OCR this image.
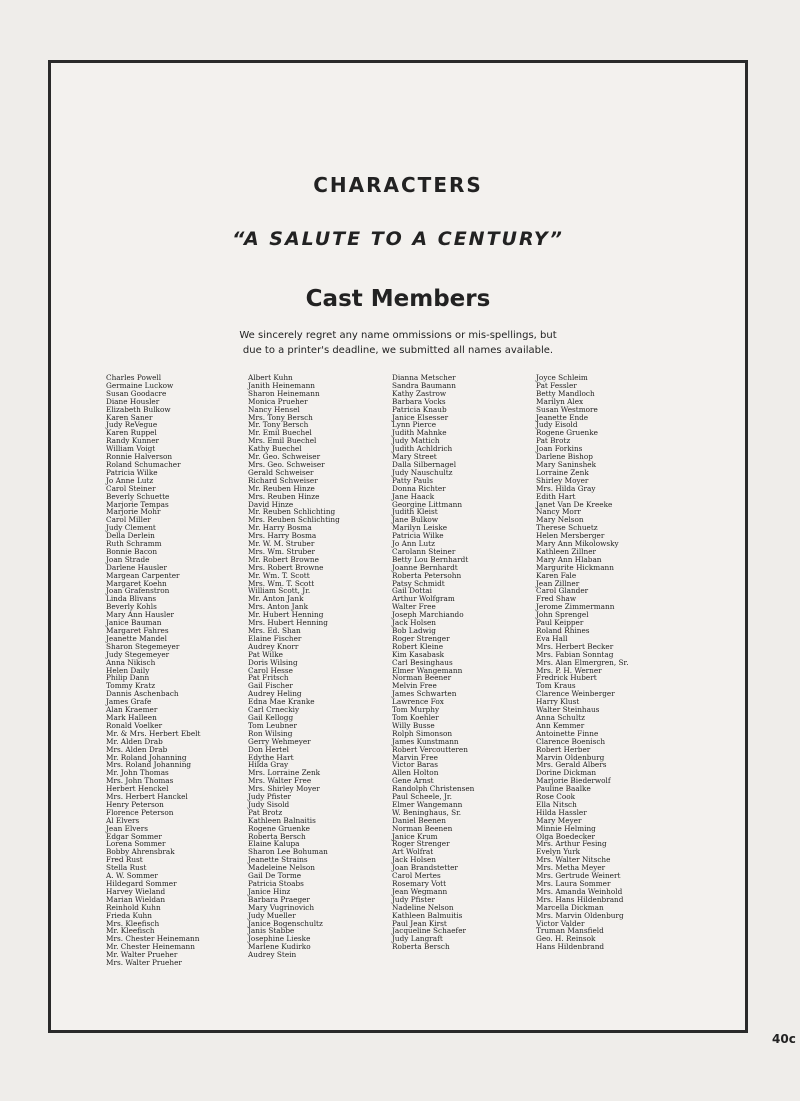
CHARACTERS
“A SALUTE TO A CENTURY”
Cast Members
We sincerely regret any name ommissions or mis-spellings, but
due to a printer's deadline, we submitted all names available.
Charles Powell
Germaine Luckow
Susan Goodacre
Diane Housler
Elizabeth Bulkow
Karen Saner
Judy ReVegue
Karen Ruppel
Randy Kunner
William Voigt
Ronnie Halverson
Roland Schumacher
Patricia Wilke
Jo Anne Lutz
Carol Steiner
Beverly Schuette
Marjorie Tempas
Marjorie Mohr
Carol Miller
Judy Clement
Della Derlein
Ruth Schramm
Bonnie Bacon
Joan Strade
Darlene Hausler
Margean Carpenter
Margaret Koehn
Joan Grafenstron
Linda Blivans
Beverly Kohls
Mary Ann Hausler
Janice Bauman
Margaret Fahres
Jeanette Mandel
Sharon Stegemeyer
Judy Stegemeyer
Anna Nikisch
Helen Daily
Philip Dann
Tommy Kratz
Dannis Aschenbach
James Grafe
Alan Kraemer
Mark Halleen
Ronald Voelker
Mr. & Mrs. Herbert Ebelt
Mr. Alden Drab
Mrs. Alden Drab
Mr. Roland Johanning
Mrs. Roland Johanning
Mr. John Thomas
Mrs. John Thomas
Herbert Henckel
Mrs. Herbert Hanckel
Henry Peterson
Florence Peterson
Al Elvers
Jean Elvers
Edgar Sommer
Lorena Sommer
Bobby Ahrensbrak
Fred Rust
Stella Rust
A. W. Sommer
Hildegard Sommer
Harvey Wieland
Marian Wieldan
Reinhold Kuhn
Frieda Kuhn
Mrs. Kleefisch
Mr. Kleefisch
Mrs. Chester Heinemann
Mr. Chester Heinemann
Mr. Walter Prueher
Mrs. Walter Prueher
Albert Kuhn
Janith Heinemann
Sharon Heinemann
Monica Prueher
Nancy Hensel
Mrs. Tony Bersch
Mr. Tony Bersch
Mr. Emil Buechel
Mrs. Emil Buechel
Kathy Buechel
Mr. Geo. Schweiser
Mrs. Geo. Schweiser
Gerald Schweiser
Richard Schweiser
Mr. Reuben Hinze
Mrs. Reuben Hinze
David Hinze
Mr. Reuben Schlichting
Mrs. Reuben Schlichting
Mr. Harry Bosma
Mrs. Harry Bosma
Mr. W. M. Struber
Mrs. Wm. Struber
Mr. Robert Browne
Mrs. Robert Browne
Mr. Wm. T. Scott
Mrs. Wm. T. Scott
William Scott, Jr.
Mr. Anton Jank
Mrs. Anton Jank
Mr. Hubert Henning
Mrs. Hubert Henning
Mrs. Ed. Shan
Elaine Fischer
Audrey Knorr
Pat Wilke
Doris Wilsing
Carol Hesse
Pat Fritsch
Gail Fischer
Audrey Heling
Edna Mae Kranke
Carl Crneckiy
Gail Kellogg
Tom Leubner
Ron Wilsing
Gerry Wehmeyer
Don Hertel
Edythe Hart
Hilda Gray
Mrs. Lorraine Zenk
Mrs. Walter Free
Mrs. Shirley Moyer
Judy Pfister
Judy Sisold
Pat Brotz
Kathleen Balnaitis
Rogene Gruenke
Roberta Bersch
Elaine Kalupa
Sharon Lee Bohuman
Jeanette Strains
Madeleine Nelson
Gail De Torme
Patricia Stoabs
Janice Hinz
Barbara Praeger
Mary Vugrinovich
Judy Mueller
Janice Bogenschultz
Janis Stabbe
Josephine Lieske
Marlene Kudirko
Audrey Stein
Dianna Metscher
Sandra Baumann
Kathy Zastrow
Barbara Vocks
Patricia Knaub
Janice Elsesser
Lynn Pierce
Judith Mahnke
Judy Mattich
Judith Achldrich
Mary Street
Dalla Silbernagel
Judy Nauschultz
Patty Pauls
Donna Richter
Jane Haack
Georgine Littmann
Judith Kleist
Jane Bulkow
Marilyn Leiske
Patricia Wilke
Jo Ann Lutz
Carolann Steiner
Betty Lou Bernhardt
Joanne Bernhardt
Roberta Petersohn
Patsy Schmidt
Gail Dottai
Arthur Wolfgram
Walter Free
Joseph Marchiando
Jack Holsen
Bob Ladwig
Roger Strenger
Robert Kleine
Kim Kasabask
Carl Besinghaus
Elmer Wangemann
Norman Beener
Melvin Free
James Schwarten
Lawrence Fox
Tom Murphy
Tom Koehler
Willy Busse
Rolph Simonson
James Kunstmann
Robert Vercoutteren
Marvin Free
Victor Baras
Allen Holton
Gene Arnst
Randolph Christensen
Paul Scheele, Jr.
Elmer Wangemann
W. Beninghaus, Sr.
Daniel Beenen
Norman Beenen
Janice Krum
Roger Strenger
Art Wolfrat
Jack Holsen
Joan Brandstetter
Carol Mertes
Rosemary Vott
Jean Wegmann
Judy Pfister
Nadeline Nelson
Kathleen Balmuitis
Paul Jean Kirst
Jacqueline Schaefer
Judy Langraft
Roberta Bersch
Joyce Schleim
Pat Fessler
Betty Mandloch
Marilyn Alex
Susan Westmore
Jeanette Ende
Judy Eisold
Rogene Gruenke
Pat Brotz
Joan Forkins
Darlene Bishop
Mary Saninshek
Lorraine Zenk
Shirley Moyer
Mrs. Hilda Gray
Edith Hart
Janet Van De Kreeke
Nancy Morr
Mary Nelson
Therese Schuetz
Helen Mersberger
Mary Ann Mikolowsky
Kathleen Zillner
Mary Ann Hlaban
Margurite Hickmann
Karen Fale
Jean Zillner
Carol Glander
Fred Shaw
Jerome Zimmermann
John Sprengel
Paul Keipper
Roland Rhines
Eva Hall
Mrs. Herbert Becker
Mrs. Fabian Sonntag
Mrs. Alan Elmergren, Sr.
Mrs. P. H. Werner
Fredrick Hubert
Tom Kraus
Clarence Weinberger
Harry Klust
Walter Steinhaus
Anna Schultz
Ann Kemmer
Antoinette Finne
Clarence Boenisch
Robert Herber
Marvin Oldenburg
Mrs. Gerald Albers
Dorine Dickman
Marjorie Biederwolf
Pauline Baalke
Rose Cook
Ella Nitsch
Hilda Hassler
Mary Meyer
Minnie Helming
Olga Boedecker
Mrs. Arthur Fesing
Evelyn Yurk
Mrs. Walter Nitsche
Mrs. Metha Meyer
Mrs. Gertrude Weinert
Mrs. Laura Sommer
Mrs. Amanda Weinhold
Mrs. Hans Hildenbrand
Marcella Dickman
Mrs. Marvin Oldenburg
Victor Valder
Truman Mansfield
Geo. H. Reinsok
Hans Hildenbrand
40c
